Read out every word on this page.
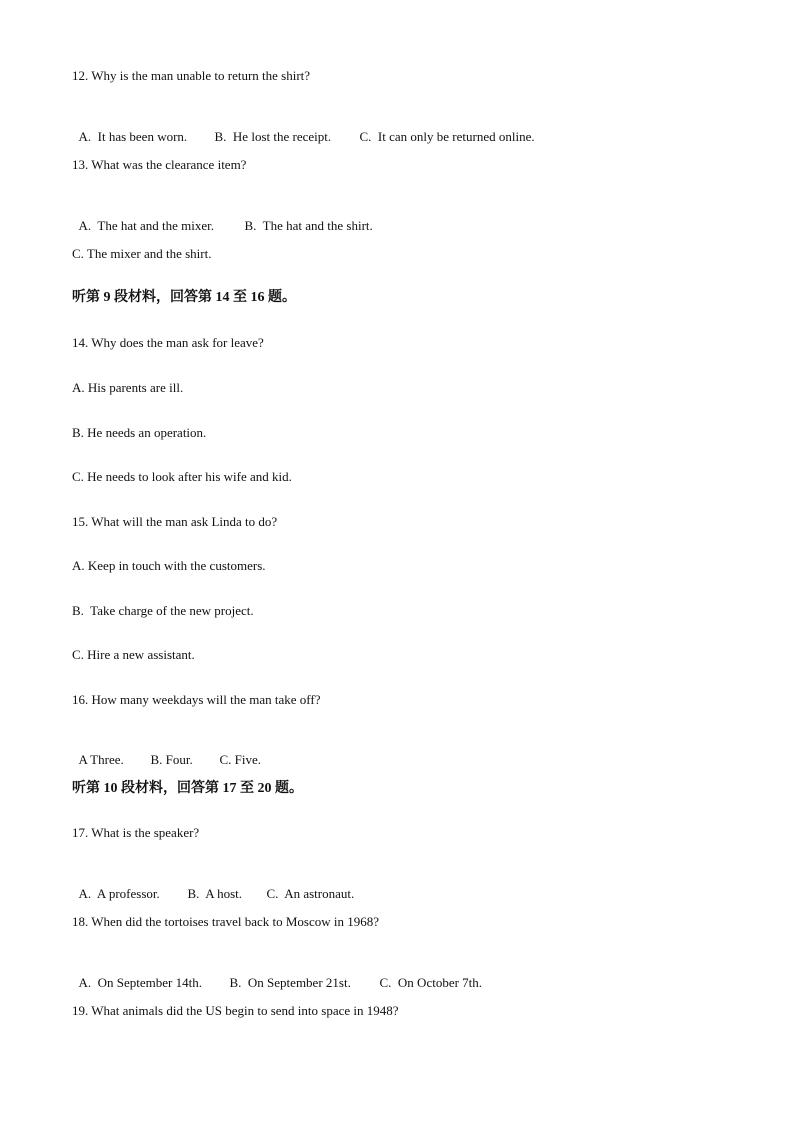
12. Why is the man unable to return the shirt?

A.  It has been worn. B.  He lost the receipt. C.  It can only be returned online.

13. What was the clearance item?

A.  The hat and the mixer. B.  The hat and the shirt.

C. The mixer and the shirt.
听第 9 段材料，回答第 14 至 16 题。
14. Why does the man ask for leave?
A. His parents are ill.
B. He needs an operation.
C. He needs to look after his wife and kid.
15. What will the man ask Linda to do?
A. Keep in touch with the customers.
B.  Take charge of the new project.
C. Hire a new assistant.
16. How many weekdays will the man take off?

A Three. B. Four. C. Five.

听第 10 段材料，回答第 17 至 20 题。
17. What is the speaker?

A.  A professor. B.  A host. C.  An astronaut.

18. When did the tortoises travel back to Moscow in 1968?

A.  On September 14th. B.  On September 21st. C.  On October 7th.

19. What animals did the US begin to send into space in 1948?
